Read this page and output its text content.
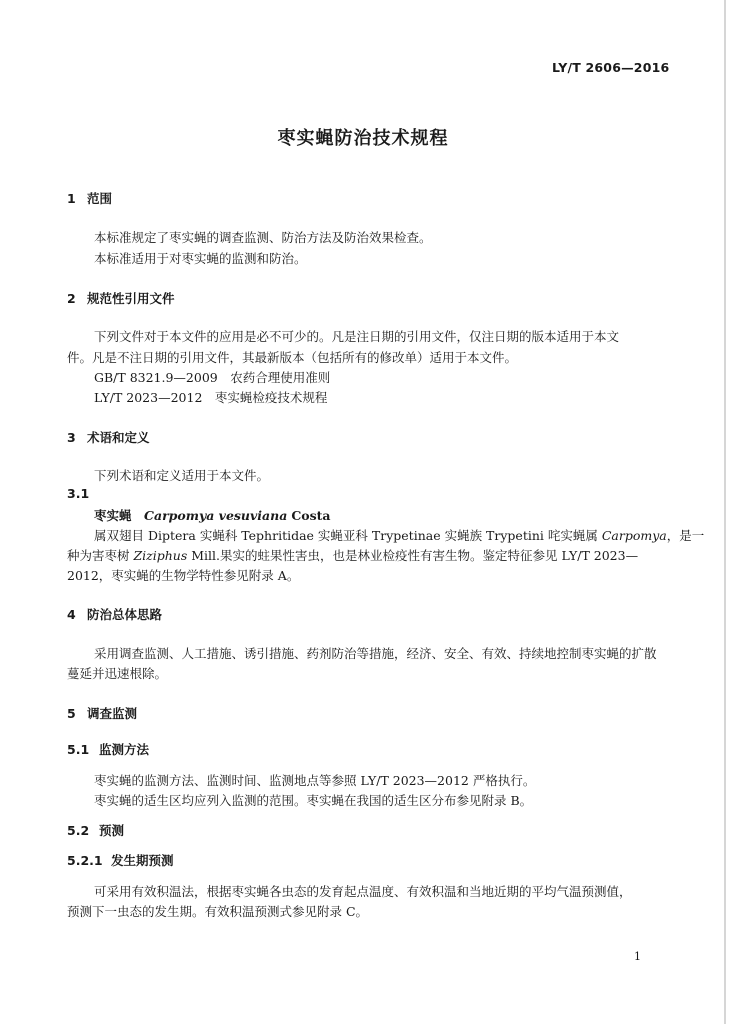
LY/T 2606—2016
枣实蝇防治技术规程
1 范围
本标准规定了枣实蝇的调查监测、防治方法及防治效果检查。
本标准适用于对枣实蝇的监测和防治。
2 规范性引用文件
下列文件对于本文件的应用是必不可少的。凡是注日期的引用文件，仅注日期的版本适用于本文
件。凡是不注日期的引用文件，其最新版本（包括所有的修改单）适用于本文件。
GB/T 8321.9—2009　农药合理使用准则
LY/T 2023—2012　枣实蝇检疫技术规程
3 术语和定义
下列术语和定义适用于本文件。
3.1
枣实蝇　 Carpomya vesuviana Costa
属双翅目 Diptera 实蝇科 Tephritidae 实蝇亚科 Trypetinae 实蝇族 Trypetini 咤实蝇属 Carpomya，是一
种为害枣树 Ziziphus Mill.果实的蛀果性害虫，也是林业检疫性有害生物。鉴定特征参见 LY/T 2023—
2012，枣实蝇的生物学特性参见附录 A。
4 防治总体思路
采用调查监测、人工措施、诱引措施、药剂防治等措施，经济、安全、有效、持续地控制枣实蝇的扩散
蔓延并迅速根除。
5 调查监测
5.1 监测方法
枣实蝇的监测方法、监测时间、监测地点等参照 LY/T 2023—2012 严格执行。
枣实蝇的适生区均应列入监测的范围。枣实蝇在我国的适生区分布参见附录 B。
5.2 预测
5.2.1 发生期预测
可采用有效积温法，根据枣实蝇各虫态的发育起点温度、有效积温和当地近期的平均气温预测值，
预测下一虫态的发生期。有效积温预测式参见附录 C。
1
